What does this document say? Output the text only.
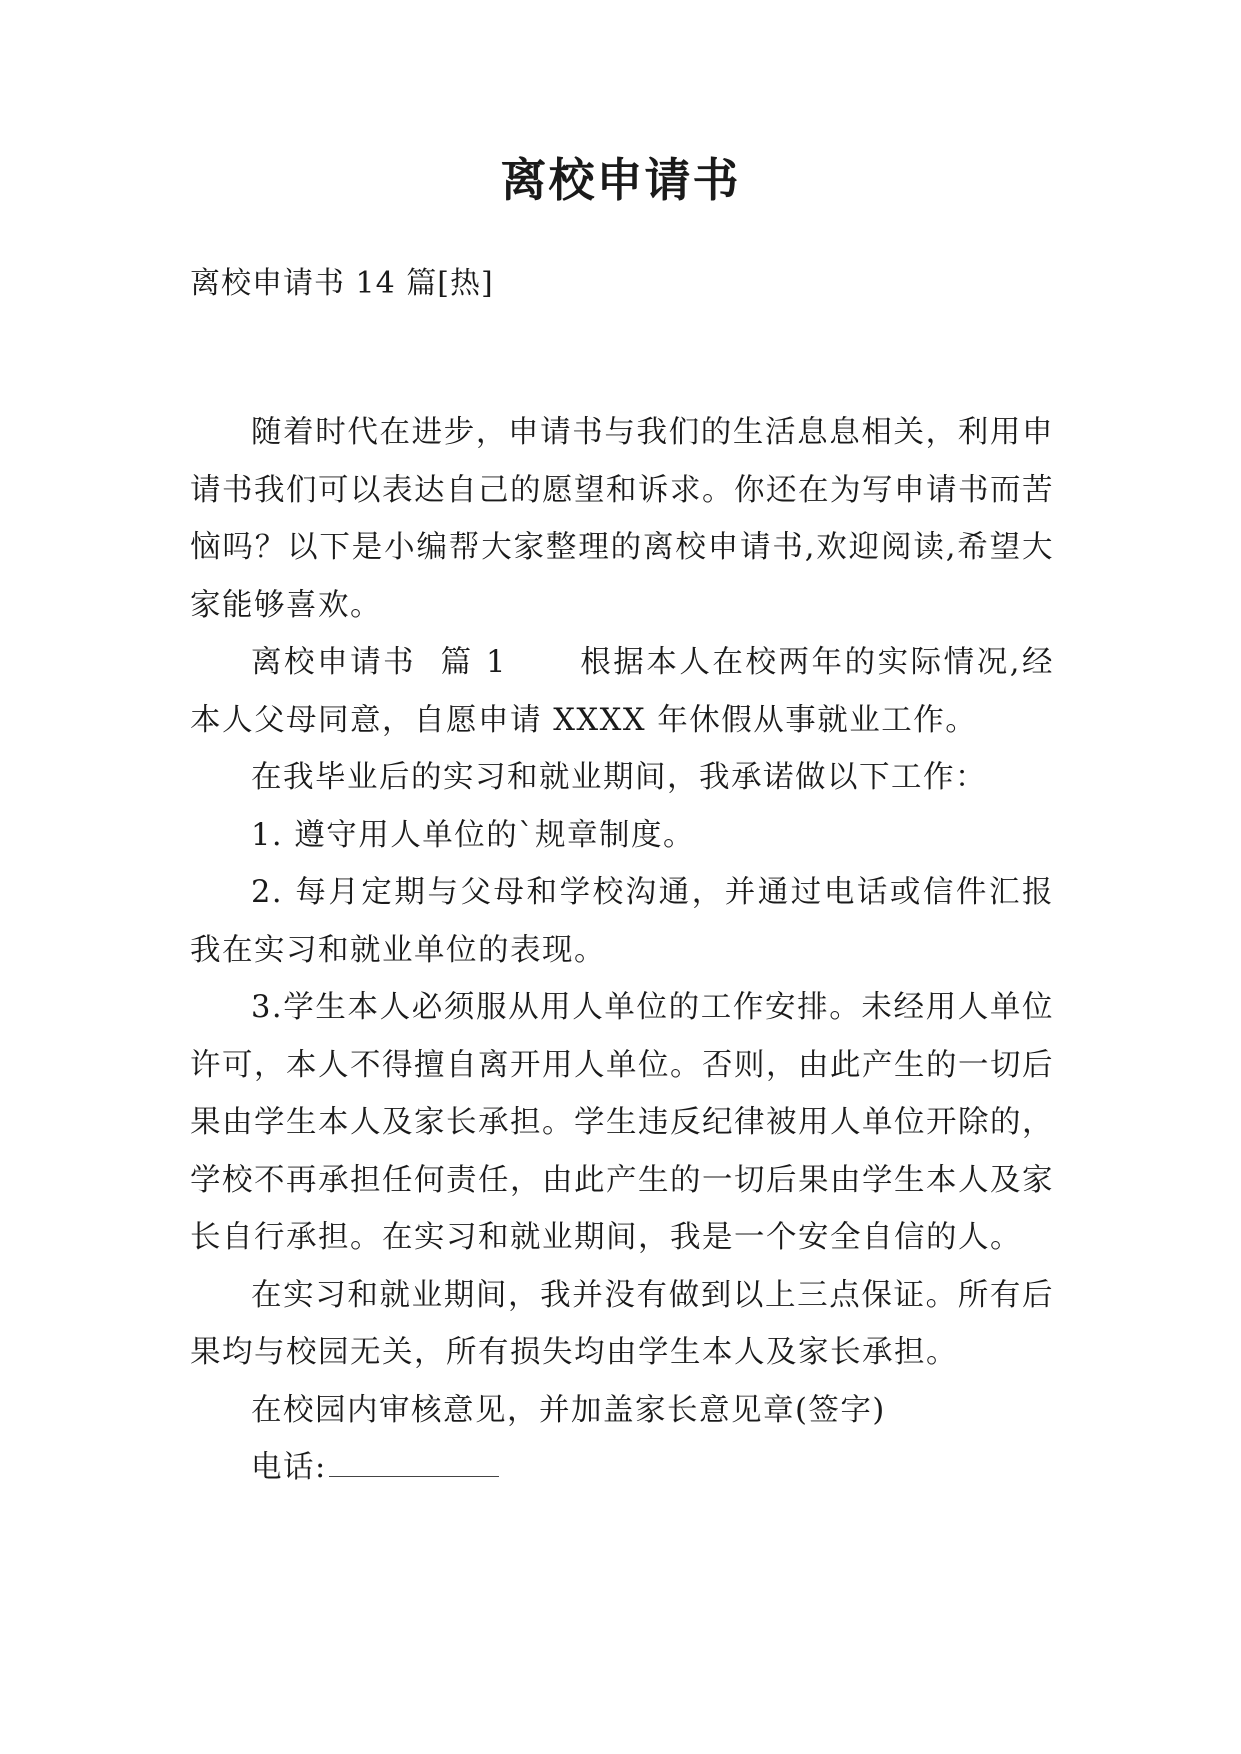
离校申请书

离校申请书 14 篇[热]

随着时代在进步，申请书与我们的生活息息相关，利用申请书我们可以表达自己的愿望和诉求。你还在为写申请书而苦恼吗？以下是小编帮大家整理的离校申请书,欢迎阅读,希望大家能够喜欢。

离校申请书  篇 1      根据本人在校两年的实际情况,经本人父母同意，自愿申请 XXXX 年休假从事就业工作。

在我毕业后的实习和就业期间，我承诺做以下工作：

1. 遵守用人单位的`规章制度。

2. 每月定期与父母和学校沟通，并通过电话或信件汇报我在实习和就业单位的表现。

3.学生本人必须服从用人单位的工作安排。未经用人单位许可，本人不得擅自离开用人单位。否则，由此产生的一切后果由学生本人及家长承担。学生违反纪律被用人单位开除的，学校不再承担任何责任，由此产生的一切后果由学生本人及家长自行承担。在实习和就业期间，我是一个安全自信的人。

在实习和就业期间，我并没有做到以上三点保证。所有后果均与校园无关，所有损失均由学生本人及家长承担。

在校园内审核意见，并加盖家长意见章(签字)

电话:
